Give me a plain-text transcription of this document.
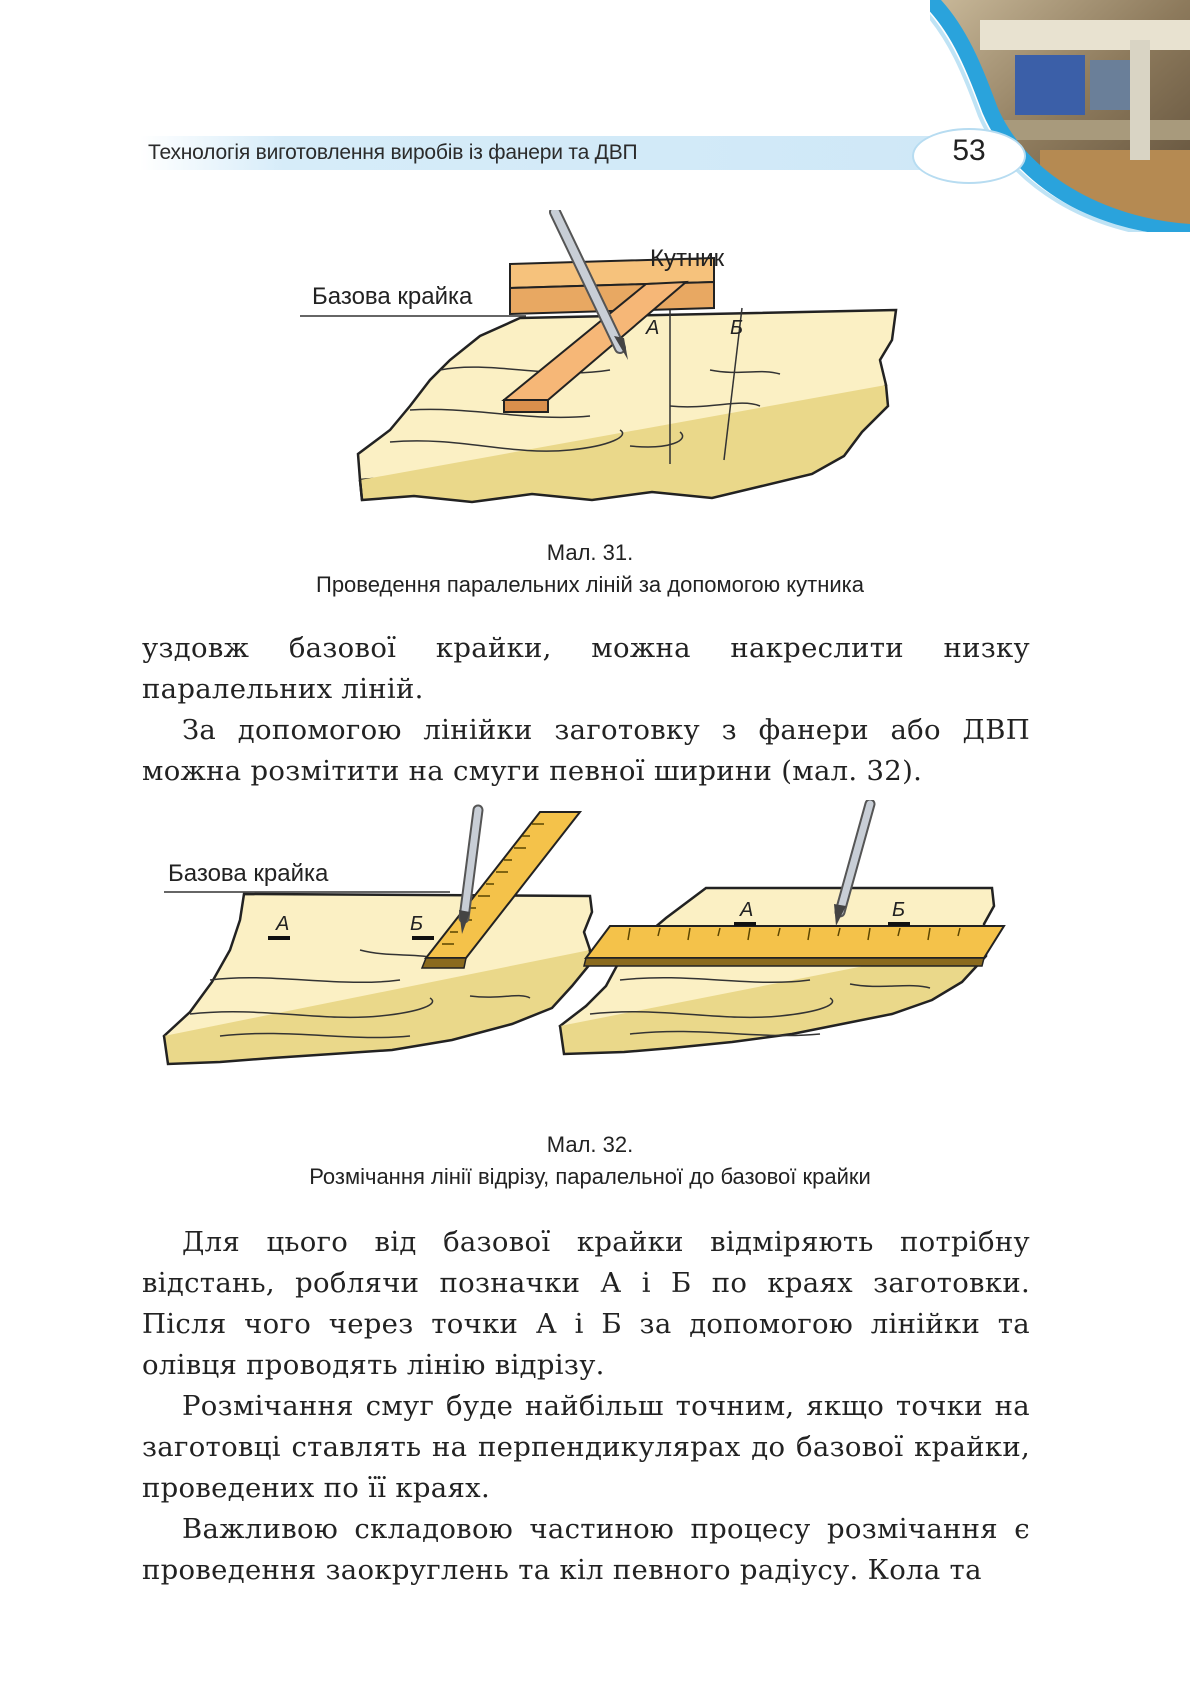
Технологія виготовлення виробів із фанери та ДВП	53
А	Б
Кутник
Базова крайка
Мал. 31.
Проведення паралельних ліній за допомогою кутника
уздовж базової крайки, можна накреслити низку паралельних ліній.
За допомогою лінійки заготовку з фанери або ДВП можна розмітити на смуги певної ширини (мал. 32).
А	Б
А	Б
Базова крайка
Мал. 32.
Розмічання лінії відрізу, паралельної до базової крайки
Для цього від базової крайки відміряють потрібну відстань, роблячи позначки А і Б по краях заготовки. Після чого через точки А і Б за допомогою лінійки та олівця проводять лінію відрізу.
Розмічання смуг буде найбільш точним, якщо точки на заготовці ставлять на перпендикулярах до базової крайки, проведених по її краях.
Важливою складовою частиною процесу розмічання є проведення заокруглень та кіл певного радіусу. Кола та
